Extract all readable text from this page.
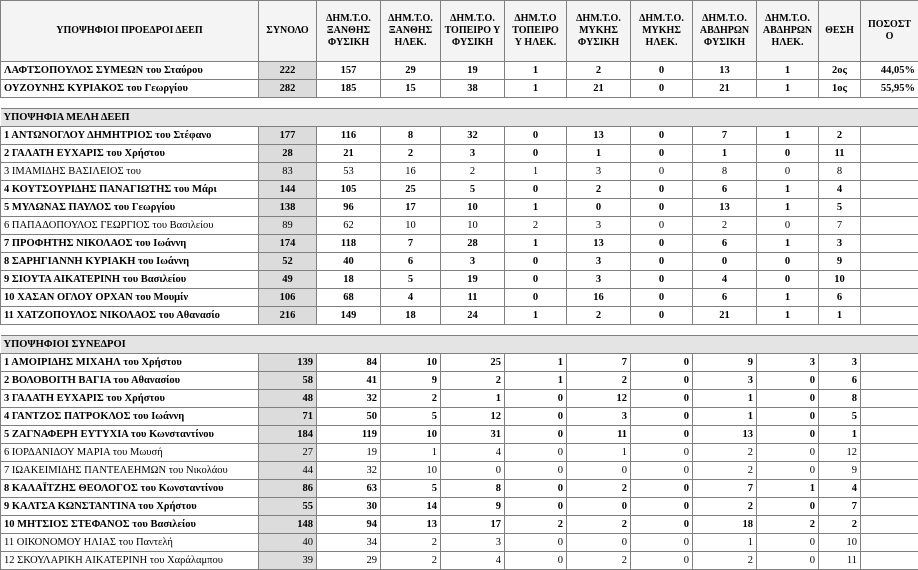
ΥΠΟΨΗΦΙΟΙ ΠΡΟΕΔΡΟΙ ΔΕΕΠ	ΣΥΝΟΛΟ	ΔΗΜ.Τ.Ο. ΞΑΝΘΗΣ ΦΥΣΙΚΗ	ΔΗΜ.Τ.Ο. ΞΑΝΘΗΣ ΗΛΕΚ.	ΔΗΜ.Τ.Ο. ΤΟΠΕΙΡΟ Υ ΦΥΣΙΚΗ	ΔΗΜ.Τ.Ο ΤΟΠΕΙΡΟ Υ ΗΛΕΚ.	ΔΗΜ.Τ.Ο. ΜΥΚΗΣ ΦΥΣΙΚΗ	ΔΗΜ.Τ.Ο. ΜΥΚΗΣ ΗΛΕΚ.	ΔΗΜ.Τ.Ο. ΑΒΔΗΡΩΝ ΦΥΣΙΚΗ	ΔΗΜ.Τ.Ο. ΑΒΔΗΡΩΝ ΗΛΕΚ.	ΘΕΣΗ	ΠΟΣΟΣΤ Ο
ΛΑΦΤΣΟΠΟΥΛΟΣ ΣΥΜΕΩΝ του Σταύρου	222	157	29	19	1	2	0	13	1	2ος	44,05%
ΟΥΖΟΥΝΗΣ ΚΥΡΙΑΚΟΣ του Γεωργίου	282	185	15	38	1	21	0	21	1	1ος	55,95%

ΥΠΟΨΗΦΙΑ ΜΕΛΗ ΔΕΕΠ											
1 ΑΝΤΩΝΟΓΛΟΥ ΔΗΜΗΤΡΙΟΣ του Στέφανο	177	116	8	32	0	13	0	7	1	2	
2 ΓΑΛΑΤΗ ΕΥΧΑΡΙΣ του Χρήστου	28	21	2	3	0	1	0	1	0	11	
3 ΙΜΑΜΙΔΗΣ ΒΑΣΙΛΕΙΟΣ του	83	53	16	2	1	3	0	8	0	8	
4 ΚΟΥΤΣΟΥΡΙΔΗΣ ΠΑΝΑΓΙΩΤΗΣ του Μάρι	144	105	25	5	0	2	0	6	1	4	
5 ΜΥΛΩΝΑΣ ΠΑΥΛΟΣ του Γεωργίου	138	96	17	10	1	0	0	13	1	5	
6 ΠΑΠΑΔΟΠΟΥΛΟΣ ΓΕΩΡΓΙΟΣ του Βασιλείου	89	62	10	10	2	3	0	2	0	7	
7 ΠΡΟΦΗΤΗΣ ΝΙΚΟΛΑΟΣ του Ιωάννη	174	118	7	28	1	13	0	6	1	3	
8 ΣΑΡΗΓΙΑΝΝΗ ΚΥΡΙΑΚΗ του Ιωάννη	52	40	6	3	0	3	0	0	0	9	
9 ΣΙΟΥΤΑ ΑΙΚΑΤΕΡΙΝΗ του Βασιλείου	49	18	5	19	0	3	0	4	0	10	
10 ΧΑΣΑΝ ΟΓΛΟΥ ΟΡΧΑΝ του Μουμίν	106	68	4	11	0	16	0	6	1	6	
11 ΧΑΤΖΟΠΟΥΛΟΣ ΝΙΚΟΛΑΟΣ του Αθανασίο	216	149	18	24	1	2	0	21	1	1	

ΥΠΟΨΗΦΙΟΙ ΣΥΝΕΔΡΟΙ											
1 ΑΜΟΙΡΙΔΗΣ ΜΙΧΑΗΛ του Χρήστου	139	84	10	25	1	7	0	9	3	3	
2 ΒΟΛΟΒΟΙΤΗ ΒΑΓΙΑ του Αθανασίου	58	41	9	2	1	2	0	3	0	6	
3 ΓΑΛΑΤΗ ΕΥΧΑΡΙΣ του Χρήστου	48	32	2	1	0	12	0	1	0	8	
4 ΓΑΝΤΖΟΣ ΠΑΤΡΟΚΛΟΣ του Ιωάννη	71	50	5	12	0	3	0	1	0	5	
5 ΖΑΓΝΑΦΕΡΗ ΕΥΤΥΧΙΑ του Κωνσταντίνου	184	119	10	31	0	11	0	13	0	1	
6 ΙΟΡΔΑΝΙΔΟΥ ΜΑΡΙΑ του Μωυσή	27	19	1	4	0	1	0	2	0	12	
7 ΙΩΑΚΕΙΜΙΔΗΣ ΠΑΝΤΕΛΕΗΜΩΝ του Νικολάου	44	32	10	0	0	0	0	2	0	9	
8 ΚΑΛΑΪΤΖΗΣ ΘΕΟΛΟΓΟΣ του Κωνσταντίνου	86	63	5	8	0	2	0	7	1	4	
9 ΚΑΛΤΣΑ ΚΩΝΣΤΑΝΤΙΝΑ του Χρήστου	55	30	14	9	0	0	0	2	0	7	
10 ΜΗΤΣΙΟΣ ΣΤΕΦΑΝΟΣ του Βασιλείου	148	94	13	17	2	2	0	18	2	2	
11 ΟΙΚΟΝΟΜΟΥ ΗΛΙΑΣ του Παντελή	40	34	2	3	0	0	0	1	0	10	
12 ΣΚΟΥΛΑΡΙΚΗ ΑΙΚΑΤΕΡΙΝΗ του Χαράλαμπου	39	29	2	4	0	2	0	2	0	11	
